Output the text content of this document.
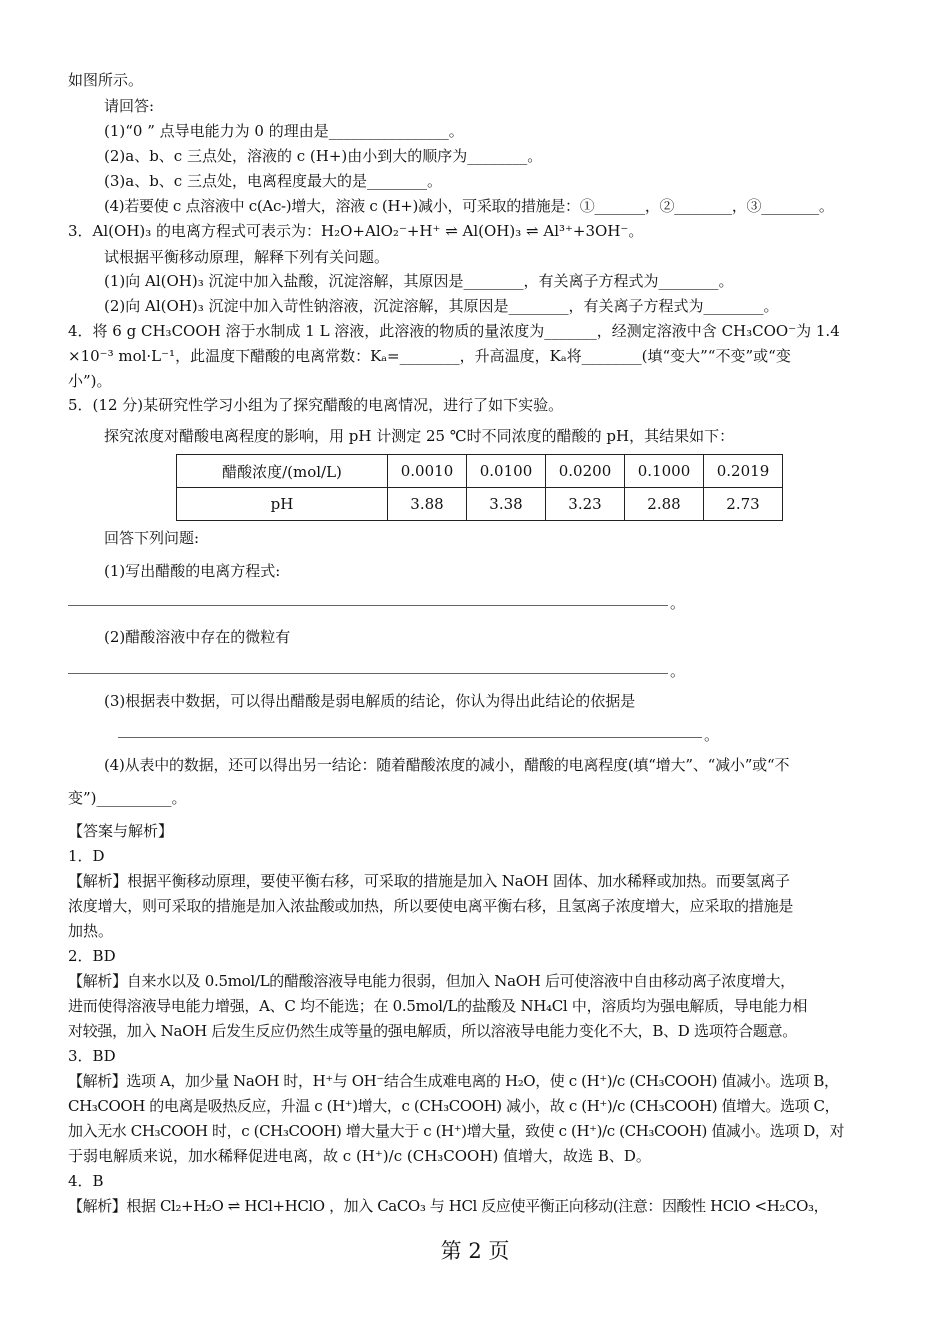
如图所示。
请回答:
(1)“0 ” 点导电能力为 0 的理由是________________。
(2)a、b、c 三点处，溶液的 c (H+)由小到大的顺序为________。
(3)a、b、c 三点处，电离程度最大的是________。
(4)若要使 c 点溶液中 c(Ac-)增大，溶液 c (H+)减小，可采取的措施是：①_______，②________，③________。
3．Al(OH)₃ 的电离方程式可表示为：H₂O+AlO₂⁻+H⁺ ⇌ Al(OH)₃ ⇌ Al³⁺+3OH⁻。
试根据平衡移动原理，解释下列有关问题。
(1)向 Al(OH)₃ 沉淀中加入盐酸，沉淀溶解，其原因是________，有关离子方程式为________。
(2)向 Al(OH)₃ 沉淀中加入苛性钠溶液，沉淀溶解，其原因是________，有关离子方程式为________。
4．将 6 g CH₃COOH 溶于水制成 1 L 溶液，此溶液的物质的量浓度为_______，经测定溶液中含 CH₃COO⁻为 1.4
×10⁻³ mol·L⁻¹，此温度下醋酸的电离常数：Kₐ=________，升高温度，Kₐ将________(填“变大”“不变”或“变
小”)。
5．(12 分)某研究性学习小组为了探究醋酸的电离情况，进行了如下实验。
探究浓度对醋酸电离程度的影响，用 pH 计测定 25 ℃时不同浓度的醋酸的 pH，其结果如下：
醋酸浓度/(mol/L)	0.0010	0.0100	0.0200	0.1000	0.2019
pH	3.88	3.38	3.23	2.88	2.73
回答下列问题:
(1)写出醋酸的电离方程式:
。
(2)醋酸溶液中存在的微粒有
。
(3)根据表中数据，可以得出醋酸是弱电解质的结论，你认为得出此结论的依据是
。
(4)从表中的数据，还可以得出另一结论：随着醋酸浓度的减小，醋酸的电离程度(填“增大”、“减小”或“不
变”)__________。
【答案与解析】
1．D
【解析】根据平衡移动原理，要使平衡右移，可采取的措施是加入 NaOH 固体、加水稀释或加热。而要氢离子
浓度增大，则可采取的措施是加入浓盐酸或加热，所以要使电离平衡右移，且氢离子浓度增大，应采取的措施是
加热。
2．BD
【解析】自来水以及 0.5mol/L的醋酸溶液导电能力很弱，但加入 NaOH 后可使溶液中自由移动离子浓度增大，
进而使得溶液导电能力增强，A、C 均不能选；在 0.5mol/L的盐酸及 NH₄Cl 中，溶质均为强电解质，导电能力相
对较强，加入 NaOH 后发生反应仍然生成等量的强电解质，所以溶液导电能力变化不大，B、D 选项符合题意。
3．BD
【解析】选项 A，加少量 NaOH 时，H⁺与 OH⁻结合生成难电离的 H₂O，使 c (H⁺)/c (CH₃COOH) 值减小。选项 B，
CH₃COOH 的电离是吸热反应，升温 c (H⁺)增大，c (CH₃COOH) 减小，故 c (H⁺)/c (CH₃COOH) 值增大。选项 C，
加入无水 CH₃COOH 时，c (CH₃COOH) 增大量大于 c (H⁺)增大量，致使 c (H⁺)/c (CH₃COOH) 值减小。选项 D，对
于弱电解质来说，加水稀释促进电离，故 c (H⁺)/c (CH₃COOH) 值增大，故选 B、D。
4．B
【解析】根据 Cl₂+H₂O ⇌ HCl+HClO ，加入 CaCO₃ 与 HCl 反应使平衡正向移动(注意：因酸性 HClO <H₂CO₃，
第 2 页
